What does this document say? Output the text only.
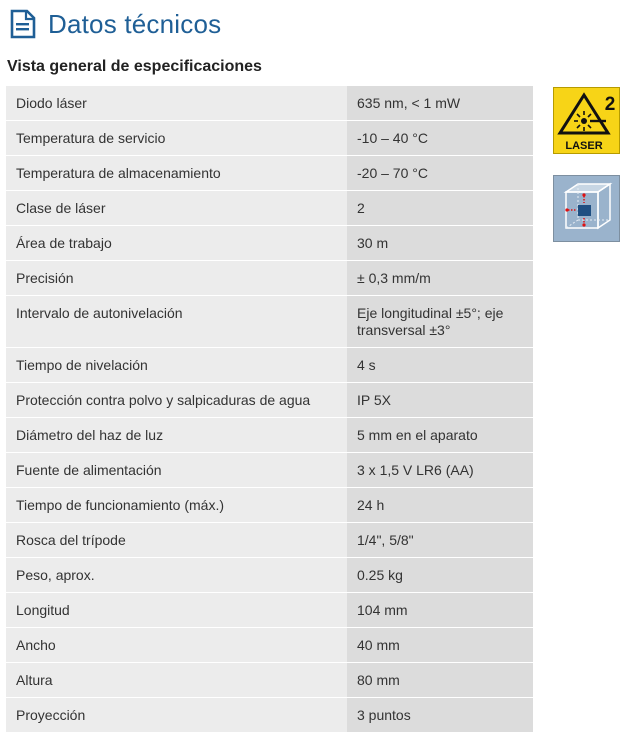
Datos técnicos
Vista general de especificaciones
Diodo láser	635 nm, < 1 mW
Temperatura de servicio	-10 – 40 °C
Temperatura de almacenamiento	-20 – 70 °C
Clase de láser	2
Área de trabajo	30 m
Precisión	± 0,3 mm/m
Intervalo de autonivelación	Eje longitudinal ±5°; eje transversal ±3°
Tiempo de nivelación	4 s
Protección contra polvo y salpicaduras de agua	IP 5X
Diámetro del haz de luz	5 mm en el aparato
Fuente de alimentación	3 x 1,5 V LR6 (AA)
Tiempo de funcionamiento (máx.)	24 h
Rosca del trípode	1/4", 5/8"
Peso, aprox.	0.25 kg
Longitud	104 mm
Ancho	40 mm
Altura	80 mm
Proyección	3 puntos
2
LASER
